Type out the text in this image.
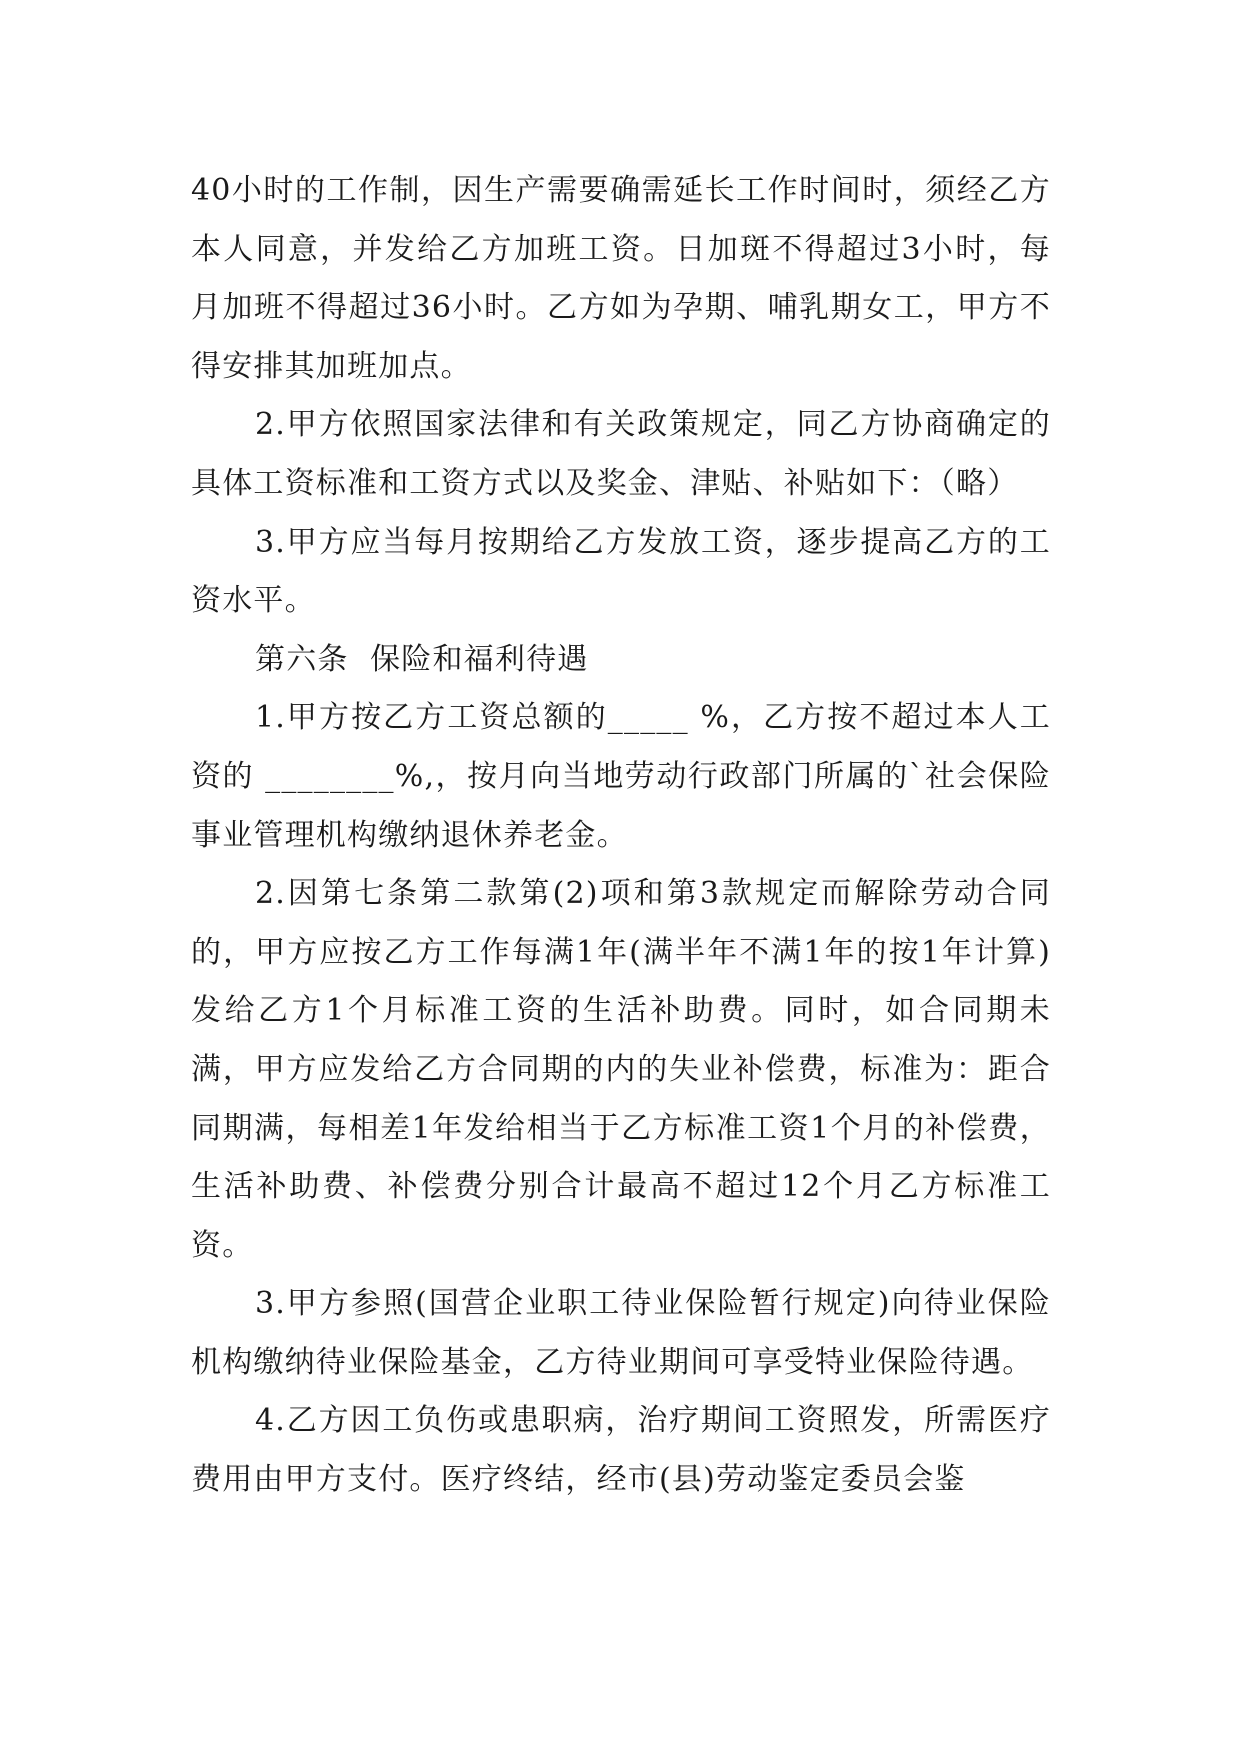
40小时的工作制，因生产需要确需延长工作时间时，须经乙方本人同意，并发给乙方加班工资。日加斑不得超过3小时，每月加班不得超过36小时。乙方如为孕期、哺乳期女工，甲方不得安排其加班加点。

2.甲方依照国家法律和有关政策规定，同乙方协商确定的具体工资标准和工资方式以及奖金、津贴、补贴如下：（略）

3.甲方应当每月按期给乙方发放工资，逐步提高乙方的工资水平。

第六条  保险和福利待遇

1.甲方按乙方工资总额的_____ %，乙方按不超过本人工资的 ________%,，按月向当地劳动行政部门所属的`社会保险事业管理机构缴纳退休养老金。

2.因第七条第二款第(2)项和第3款规定而解除劳动合同的，甲方应按乙方工作每满1年(满半年不满1年的按1年计算)发给乙方1个月标准工资的生活补助费。同时，如合同期未满，甲方应发给乙方合同期的内的失业补偿费，标准为：距合同期满，每相差1年发给相当于乙方标准工资1个月的补偿费，生活补助费、补偿费分别合计最高不超过12个月乙方标准工资。

3.甲方参照(国营企业职工待业保险暂行规定)向待业保险机构缴纳待业保险基金，乙方待业期间可享受特业保险待遇。

4.乙方因工负伤或患职病，治疗期间工资照发，所需医疗费用由甲方支付。医疗终结，经市(县)劳动鉴定委员会鉴
